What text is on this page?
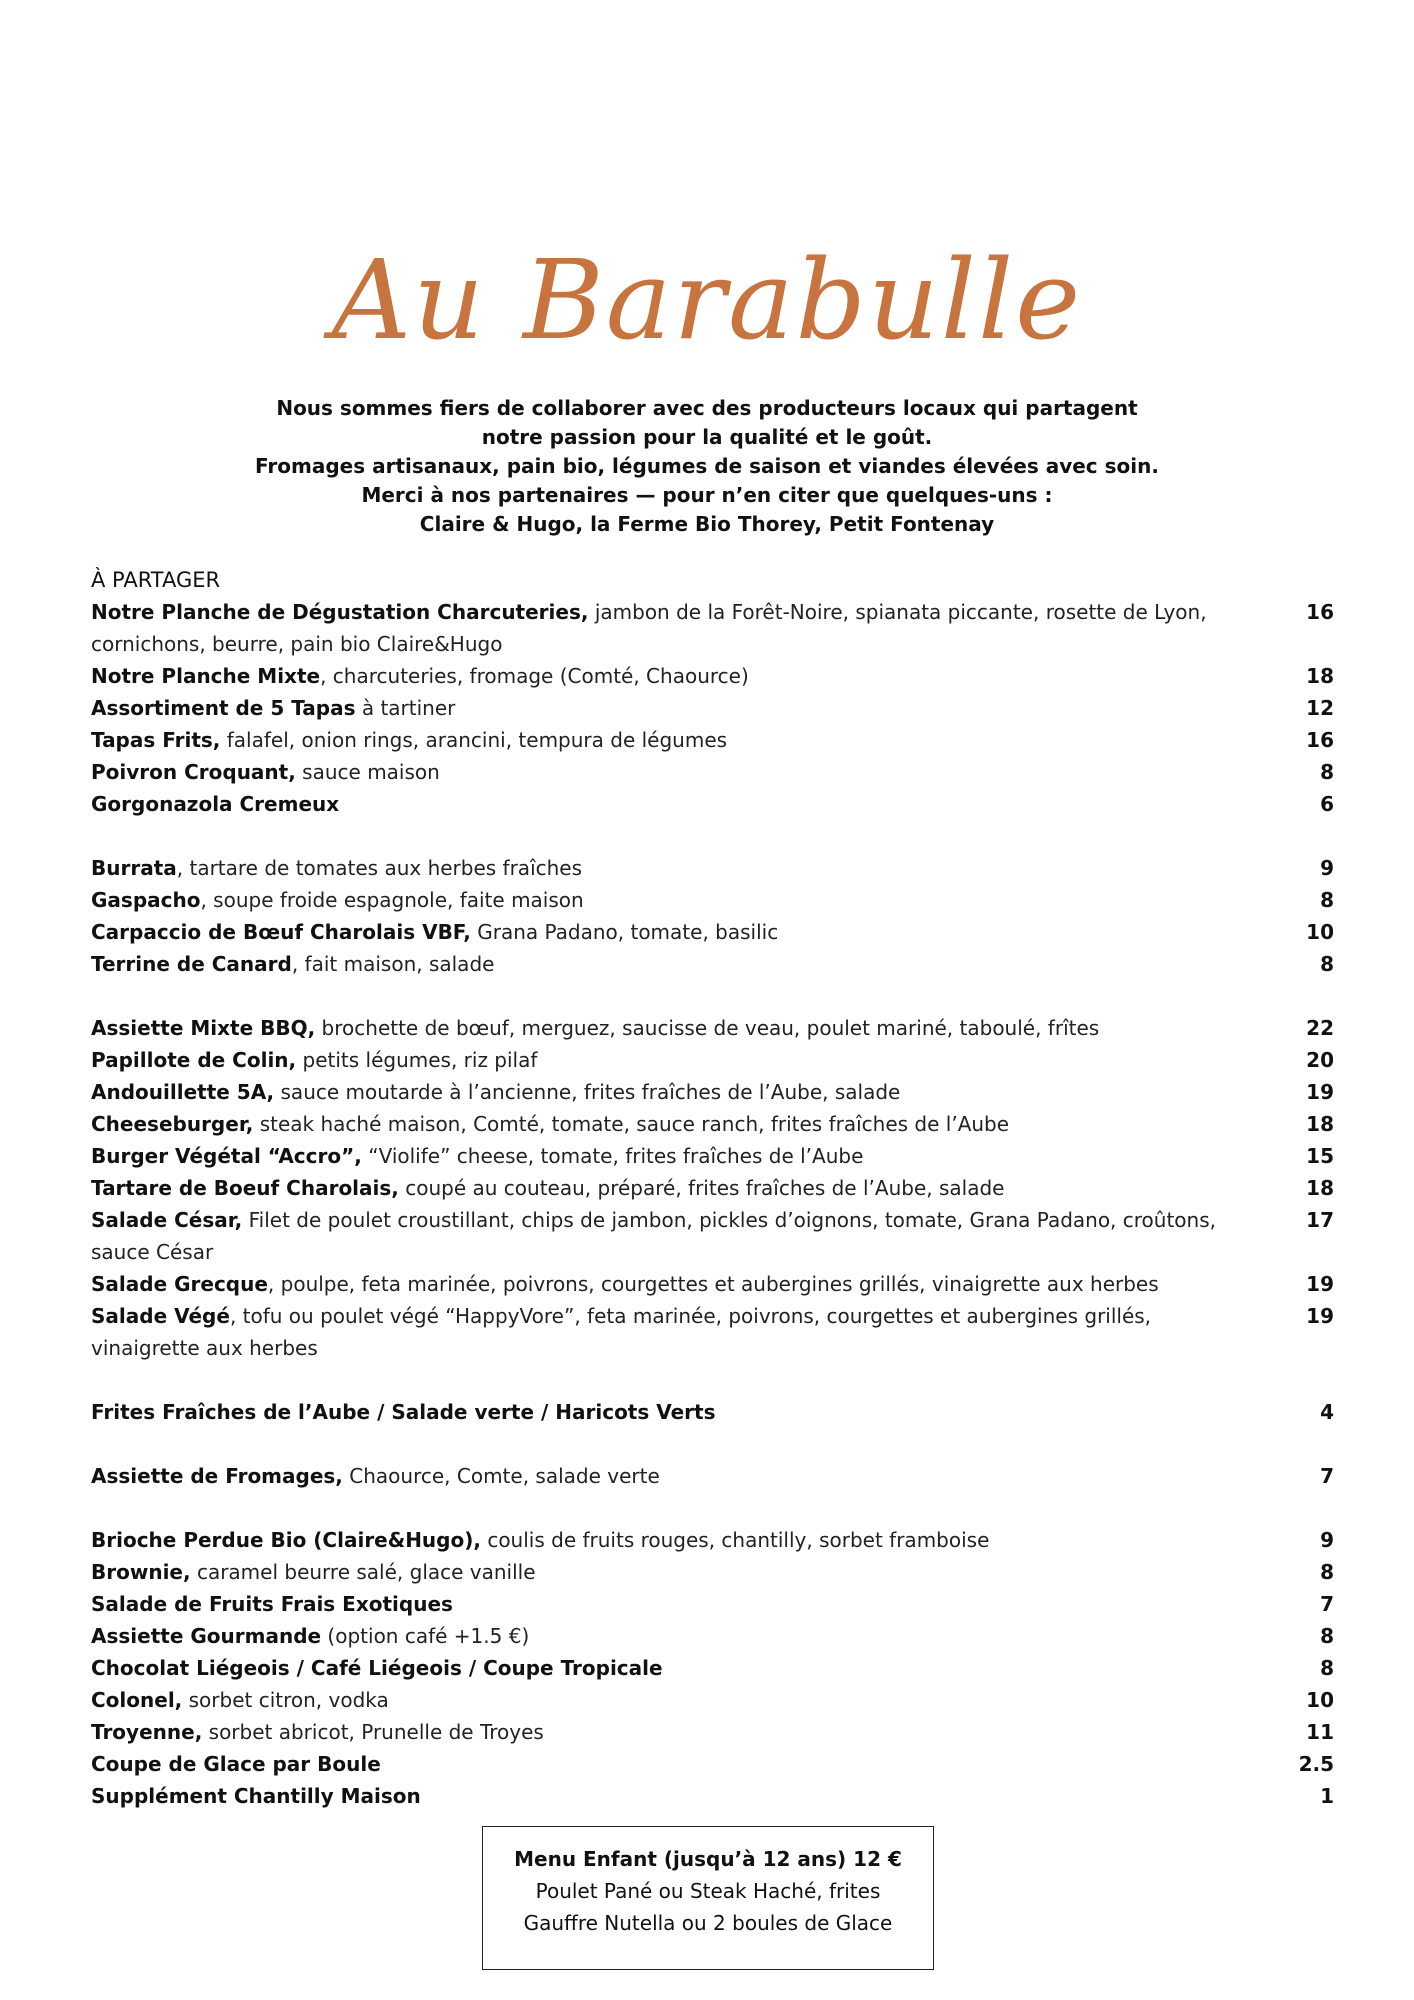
Au Barabulle
Nous sommes fiers de collaborer avec des producteurs locaux qui partagent
notre passion pour la qualité et le goût.
Fromages artisanaux, pain bio, légumes de saison et viandes élevées avec soin.
Merci à nos partenaires — pour n’en citer que quelques-uns :
Claire & Hugo, la Ferme Bio Thorey, Petit Fontenay
À PARTAGER
Notre Planche de Dégustation Charcuteries, jambon de la Forêt-Noire, spianata piccante, rosette de Lyon, cornichons, beurre, pain bio Claire&Hugo
16
Notre Planche Mixte, charcuteries, fromage (Comté, Chaource)	18
Assortiment de 5 Tapas à tartiner	12
Tapas Frits, falafel, onion rings, arancini, tempura de légumes	16
Poivron Croquant, sauce maison	8
Gorgonazola Cremeux	6
Burrata, tartare de tomates aux herbes fraîches	9
Gaspacho, soupe froide espagnole, faite maison	8
Carpaccio de Bœuf Charolais VBF, Grana Padano, tomate, basilic	10
Terrine de Canard, fait maison, salade	8
Assiette Mixte BBQ, brochette de bœuf, merguez, saucisse de veau, poulet mariné, taboulé, frîtes	22
Papillote de Colin, petits légumes, riz pilaf	20
Andouillette 5A, sauce moutarde à l’ancienne, frites fraîches de l’Aube, salade	19
Cheeseburger, steak haché maison, Comté, tomate, sauce ranch, frites fraîches de l’Aube	18
Burger Végétal “Accro”, “Violife” cheese, tomate, frites fraîches de l’Aube	15
Tartare de Boeuf Charolais, coupé au couteau, préparé, frites fraîches de l’Aube, salade	18
Salade César, Filet de poulet croustillant, chips de jambon, pickles d’oignons, tomate, Grana Padano, croûtons, sauce César
17
Salade Grecque, poulpe, feta marinée, poivrons, courgettes et aubergines grillés, vinaigrette aux herbes	19
Salade Végé, tofu ou poulet végé “HappyVore”, feta marinée, poivrons, courgettes et aubergines grillés, vinaigrette aux herbes
19
Frites Fraîches de l’Aube / Salade verte / Haricots Verts	4
Assiette de Fromages, Chaource, Comte, salade verte	7
Brioche Perdue Bio (Claire&Hugo), coulis de fruits rouges, chantilly, sorbet framboise	9
Brownie, caramel beurre salé, glace vanille	8
Salade de Fruits Frais Exotiques	7
Assiette Gourmande (option café +1.5 €)	8
Chocolat Liégeois / Café Liégeois / Coupe Tropicale	8
Colonel, sorbet citron, vodka	10
Troyenne, sorbet abricot, Prunelle de Troyes	11
Coupe de Glace par Boule	2.5
Supplément Chantilly Maison	1
Menu Enfant (jusqu’à 12 ans) 12 €
Poulet Pané ou Steak Haché, frites
Gauffre Nutella ou 2 boules de Glace
